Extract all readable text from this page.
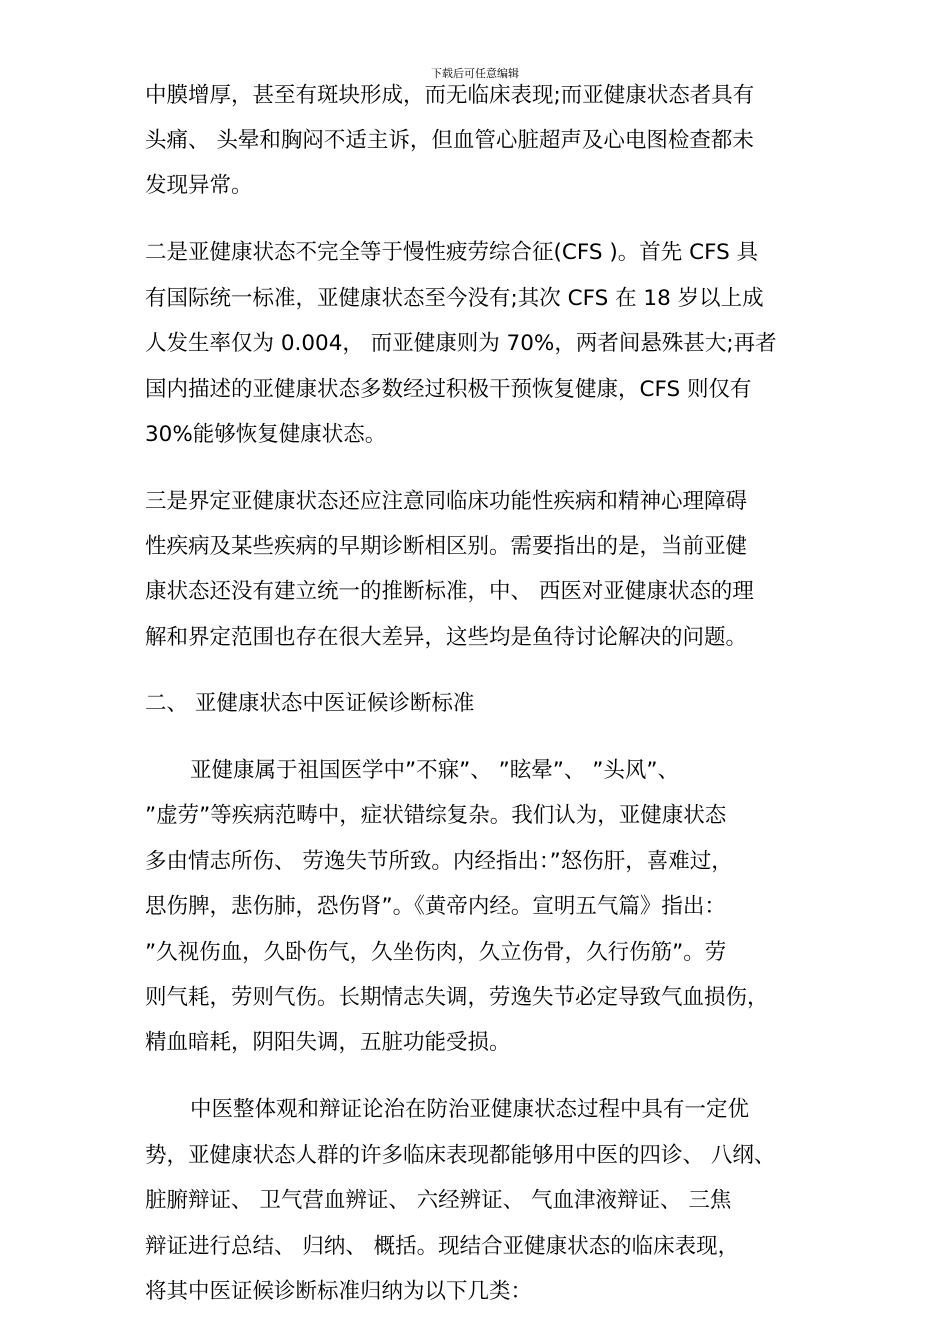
下载后可任意编辑
中膜增厚，甚至有斑块形成，而无临床表现;而亚健康状态者具有
头痛、 头晕和胸闷不适主诉，但血管心脏超声及心电图检查都未
发现异常。
二是亚健康状态不完全等于慢性疲劳综合征(CFS )。首先 CFS 具
有国际统一标准，亚健康状态至今没有;其次 CFS 在 18 岁以上成
人发生率仅为 0.004， 而亚健康则为 70%，两者间悬殊甚大;再者
国内描述的亚健康状态多数经过积极干预恢复健康，CFS 则仅有
30%能够恢复健康状态。
三是界定亚健康状态还应注意同临床功能性疾病和精神心理障碍
性疾病及某些疾病的早期诊断相区别。需要指出的是，当前亚健
康状态还没有建立统一的推断标准，中、 西医对亚健康状态的理
解和界定范围也存在很大差异，这些均是鱼待讨论解决的问题。
二、 亚健康状态中医证候诊断标准
亚健康属于祖国医学中”不寐”、 ”眩晕”、 ”头风”、
”虚劳”等疾病范畴中，症状错综复杂。我们认为，亚健康状态
多由情志所伤、 劳逸失节所致。内经指出：”怒伤肝，喜难过，
思伤脾，悲伤肺，恐伤肾”。《黄帝内经。宣明五气篇》指出：
”久视伤血，久卧伤气，久坐伤肉，久立伤骨，久行伤筋”。劳
则气耗，劳则气伤。长期情志失调，劳逸失节必定导致气血损伤，
精血暗耗，阴阳失调，五脏功能受损。
中医整体观和辩证论治在防治亚健康状态过程中具有一定优
势，亚健康状态人群的许多临床表现都能够用中医的四诊、 八纲、
脏腑辩证、 卫气营血辨证、 六经辨证、 气血津液辩证、 三焦
辩证进行总结、 归纳、 概括。现结合亚健康状态的临床表现，
将其中医证候诊断标准归纳为以下几类：
